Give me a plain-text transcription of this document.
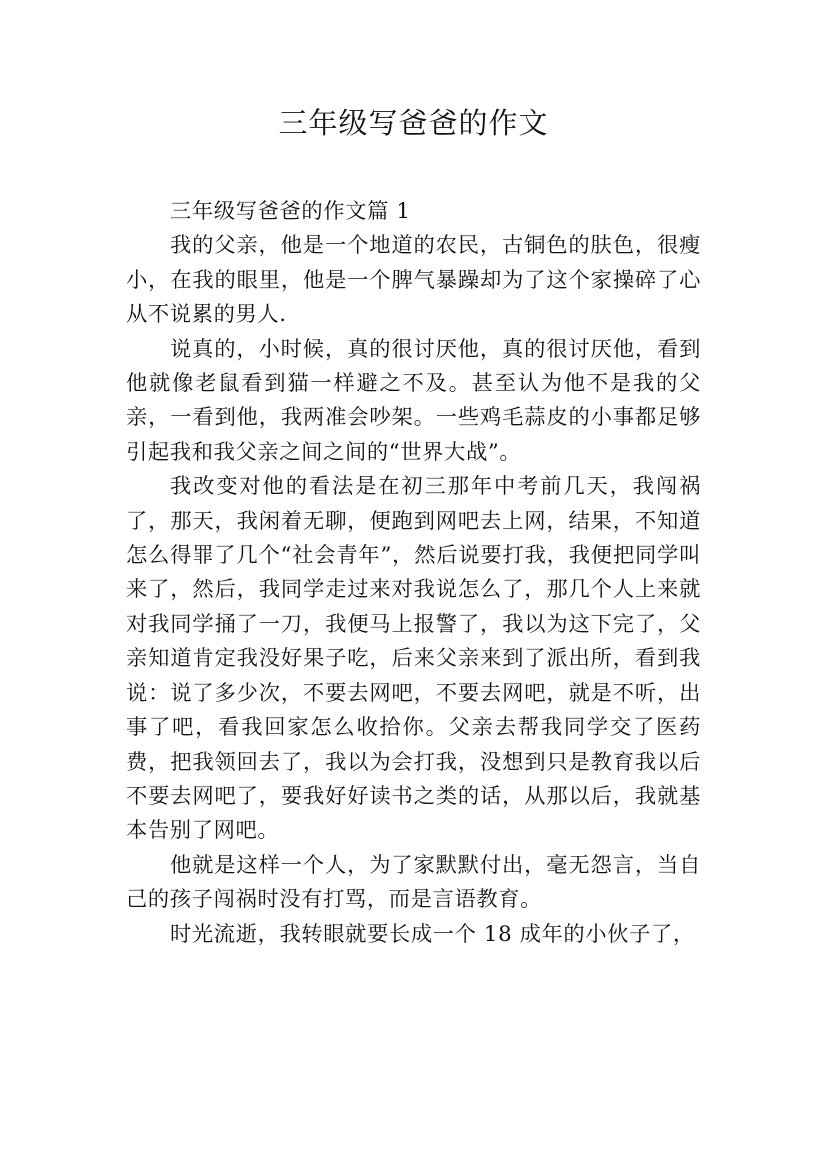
三年级写爸爸的作文

三年级写爸爸的作文篇 1

我的父亲，他是一个地道的农民，古铜色的肤色，很瘦小，在我的眼里，他是一个脾气暴躁却为了这个家操碎了心从不说累的男人.

说真的，小时候，真的很讨厌他，真的很讨厌他，看到他就像老鼠看到猫一样避之不及。甚至认为他不是我的父亲，一看到他，我两准会吵架。一些鸡毛蒜皮的小事都足够引起我和我父亲之间之间的“世界大战”。

我改变对他的看法是在初三那年中考前几天，我闯祸了，那天，我闲着无聊，便跑到网吧去上网，结果，不知道怎么得罪了几个“社会青年”，然后说要打我，我便把同学叫来了，然后，我同学走过来对我说怎么了，那几个人上来就对我同学捅了一刀，我便马上报警了，我以为这下完了，父亲知道肯定我没好果子吃，后来父亲来到了派出所，看到我说：说了多少次，不要去网吧，不要去网吧，就是不听，出事了吧，看我回家怎么收拾你。父亲去帮我同学交了医药费，把我领回去了，我以为会打我，没想到只是教育我以后不要去网吧了，要我好好读书之类的话，从那以后，我就基本告别了网吧。

他就是这样一个人，为了家默默付出，毫无怨言，当自己的孩子闯祸时没有打骂，而是言语教育。

时光流逝，我转眼就要长成一个 18 成年的小伙子了，
